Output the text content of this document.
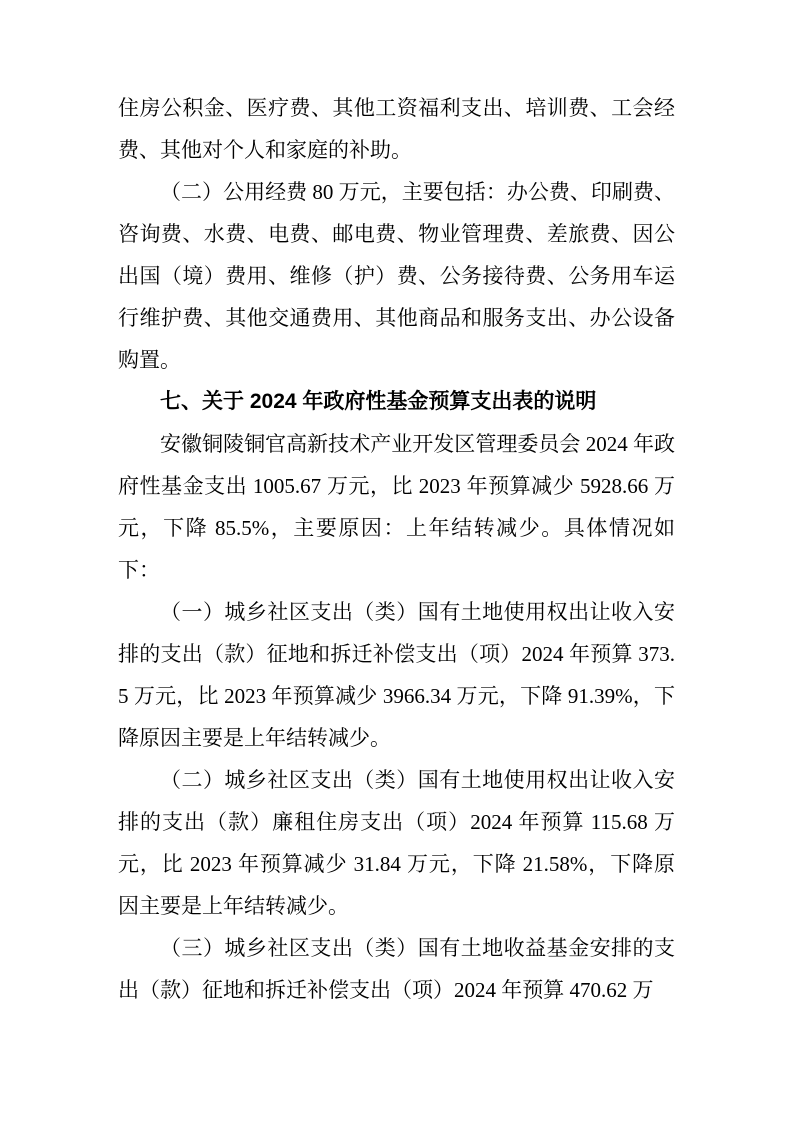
住房公积金、医疗费、其他工资福利支出、培训费、工会经费、其他对个人和家庭的补助。

（二）公用经费 80 万元，主要包括：办公费、印刷费、咨询费、水费、电费、邮电费、物业管理费、差旅费、因公出国（境）费用、维修（护）费、公务接待费、公务用车运行维护费、其他交通费用、其他商品和服务支出、办公设备购置。

七、关于 2024 年政府性基金预算支出表的说明

安徽铜陵铜官高新技术产业开发区管理委员会 2024 年政府性基金支出 1005.67 万元，比 2023 年预算减少 5928.66 万元，下降 85.5%，主要原因：上年结转减少。具体情况如下：

（一）城乡社区支出（类）国有土地使用权出让收入安排的支出（款）征地和拆迁补偿支出（项）2024 年预算 373.5 万元，比 2023 年预算减少 3966.34 万元，下降 91.39%，下降原因主要是上年结转减少。

（二）城乡社区支出（类）国有土地使用权出让收入安排的支出（款）廉租住房支出（项）2024 年预算 115.68 万元，比 2023 年预算减少 31.84 万元，下降 21.58%，下降原因主要是上年结转减少。

（三）城乡社区支出（类）国有土地收益基金安排的支出（款）征地和拆迁补偿支出（项）2024 年预算 470.62 万
